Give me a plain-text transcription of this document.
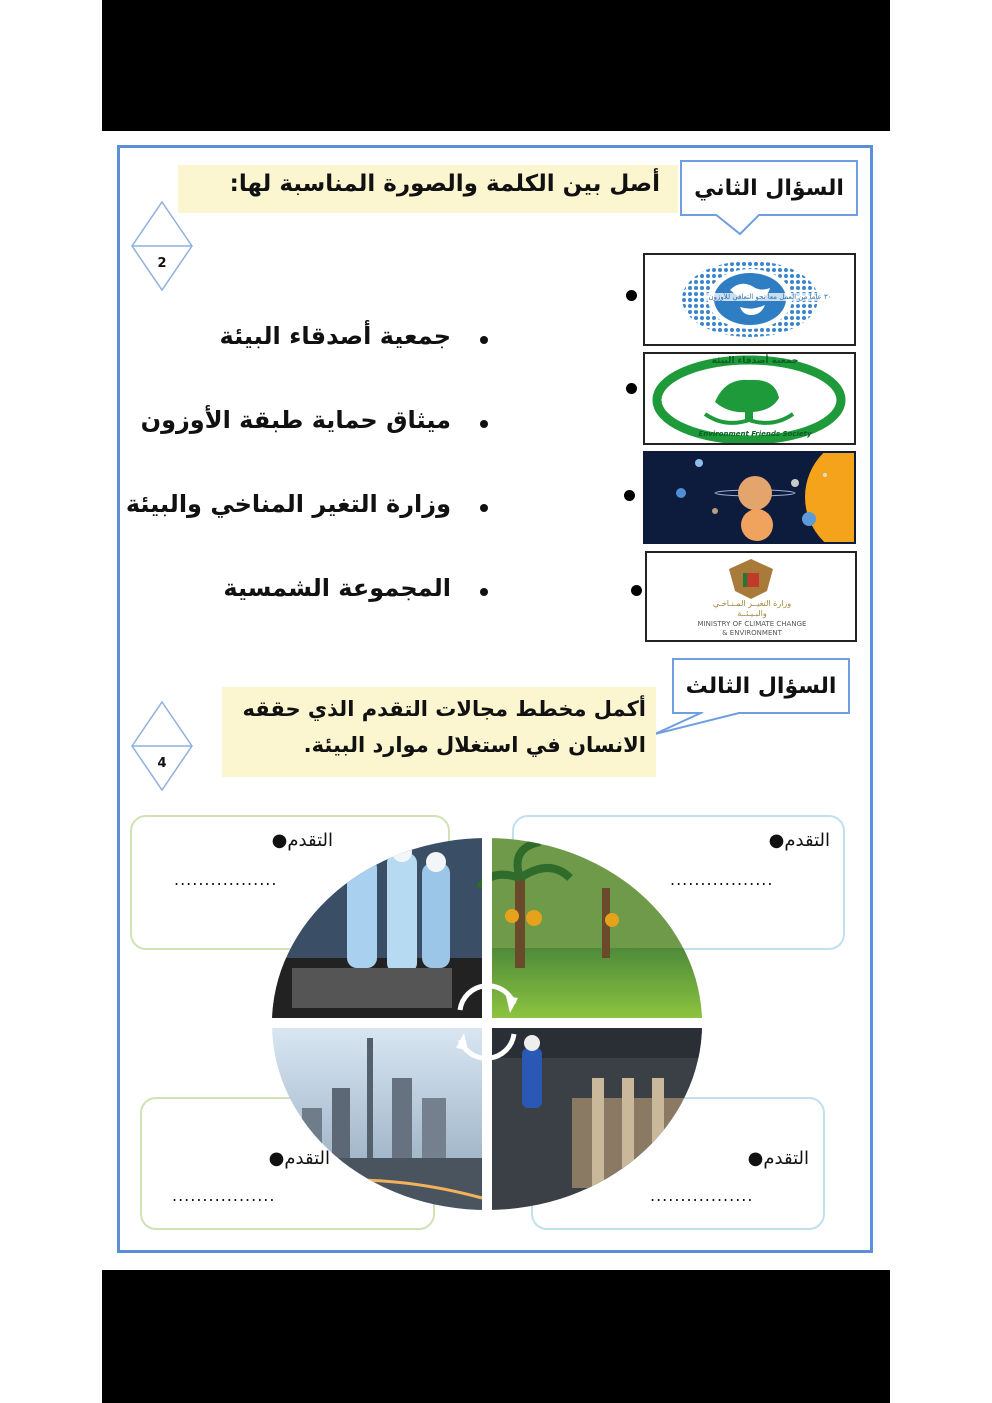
أصل بين الكلمة والصورة المناسبة لها:	السؤال الثاني
2
جمعية أصدقاء البيئة
ميثاق حماية طبقة الأوزون
وزارة التغير المناخي والبيئة
المجموعة الشمسية
٣٠ عاماً من العمل معاً نحو التعافي للأوزون
جمعية أصدقاء البيئة
Environment Friends Society
وزارة التغيــر المـنـاخـي
والبـيـئــة
MINISTRY OF CLIMATE CHANGE
& ENVIRONMENT
السؤال الثالث
أكمل مخطط مجالات التقدم الذي حققه
الانسان في استغلال موارد البيئة.
4
التقدم●
.................
التقدم●
.................
التقدم●
.................
التقدم●
.................
